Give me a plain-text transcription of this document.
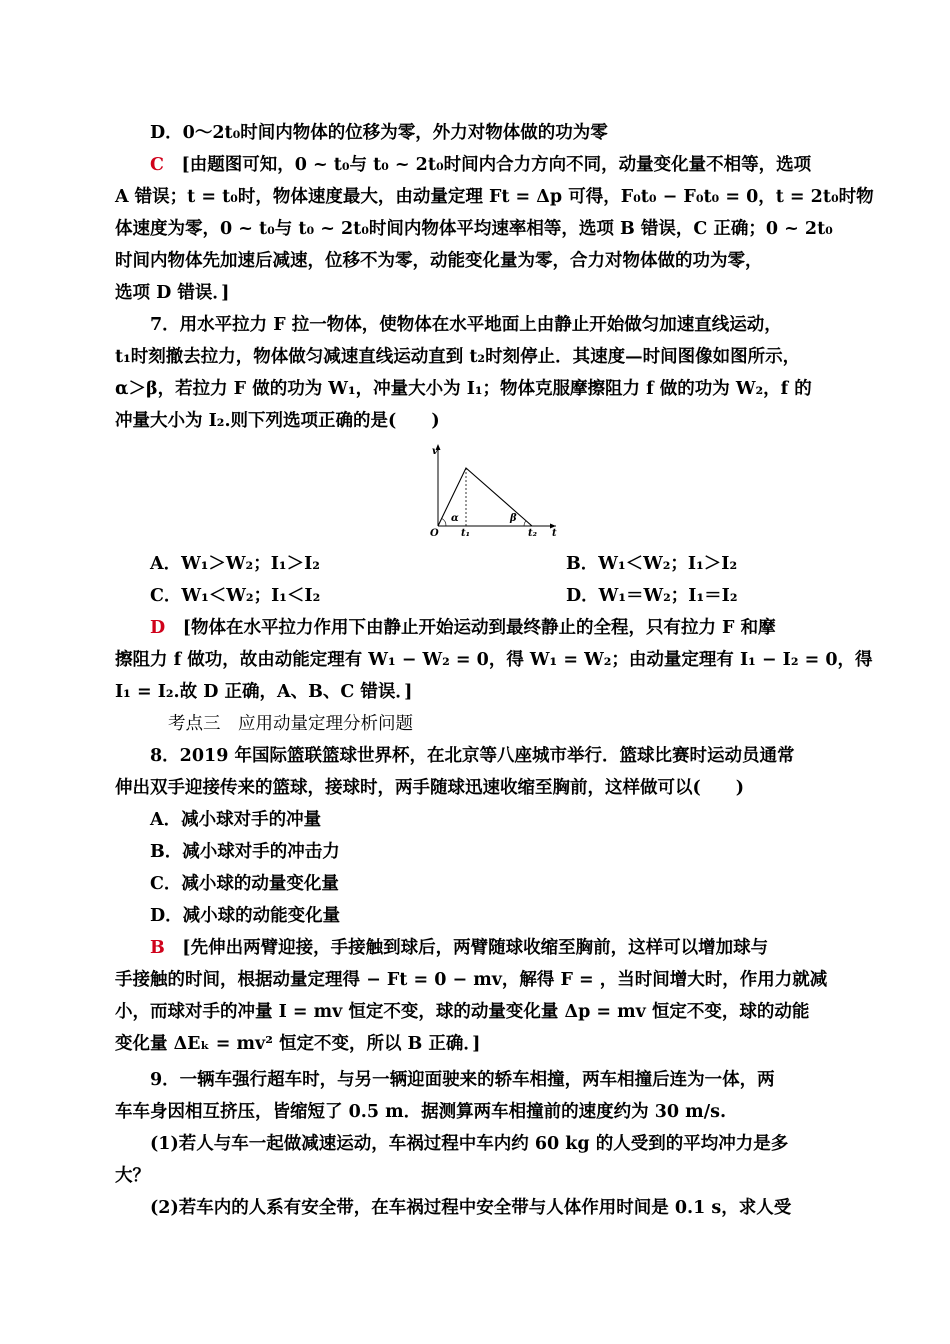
D．0～2t₀时间内物体的位移为零，外力对物体做的功为零
C　 [由题图可知，0 ~ t₀与 t₀ ~ 2t₀时间内合力方向不同，动量变化量不相等，选项
A 错误；t = t₀时，物体速度最大，由动量定理 Ft = Δp 可得，F₀t₀ − F₀t₀ = 0，t = 2t₀时物
体速度为零，0 ~ t₀与 t₀ ~ 2t₀时间内物体平均速率相等，选项 B 错误，C 正确；0 ~ 2t₀
时间内物体先加速后减速，位移不为零，动能变化量为零，合力对物体做的功为零，
选项 D 错误．]
7．用水平拉力 F 拉一物体，使物体在水平地面上由静止开始做匀加速直线运动，
t₁时刻撤去拉力，物体做匀减速直线运动直到 t₂时刻停止．其速度—时间图像如图所示，
α＞β，若拉力 F 做的功为 W₁，冲量大小为 I₁；物体克服摩擦阻力 f 做的功为 W₂，f 的
冲量大小为 I₂.则下列选项正确的是(　　)
v
O t₁	t₂ t
α	β
A．W₁＞W₂；I₁＞I₂	B．W₁＜W₂；I₁＞I₂
C．W₁＜W₂；I₁＜I₂	D．W₁＝W₂；I₁＝I₂
D　 [物体在水平拉力作用下由静止开始运动到最终静止的全程，只有拉力 F 和摩
擦阻力 f 做功，故由动能定理有 W₁ − W₂ = 0，得 W₁ = W₂；由动量定理有 I₁ − I₂ = 0，得
I₁ = I₂.故 D 正确，A、B、C 错误．]
考点三　应用动量定理分析问题
8．2019 年国际篮联篮球世界杯，在北京等八座城市举行．篮球比赛时运动员通常
伸出双手迎接传来的篮球，接球时，两手随球迅速收缩至胸前，这样做可以(　　)
A．减小球对手的冲量
B．减小球对手的冲击力
C．减小球的动量变化量
D．减小球的动能变化量
B　 [先伸出两臂迎接，手接触到球后，两臂随球收缩至胸前，这样可以增加球与
手接触的时间，根据动量定理得 − Ft = 0 − mv，解得 F = ，当时间增大时，作用力就减
小，而球对手的冲量 I = mv 恒定不变，球的动量变化量 Δp = mv 恒定不变，球的动能
变化量 ΔEₖ = mv² 恒定不变，所以 B 正确．]
9．一辆车强行超车时，与另一辆迎面驶来的轿车相撞，两车相撞后连为一体，两
车车身因相互挤压，皆缩短了 0.5 m．据测算两车相撞前的速度约为 30 m/s.
(1)若人与车一起做减速运动，车祸过程中车内约 60 kg 的人受到的平均冲力是多
大？
(2)若车内的人系有安全带，在车祸过程中安全带与人体作用时间是 0.1 s，求人受
